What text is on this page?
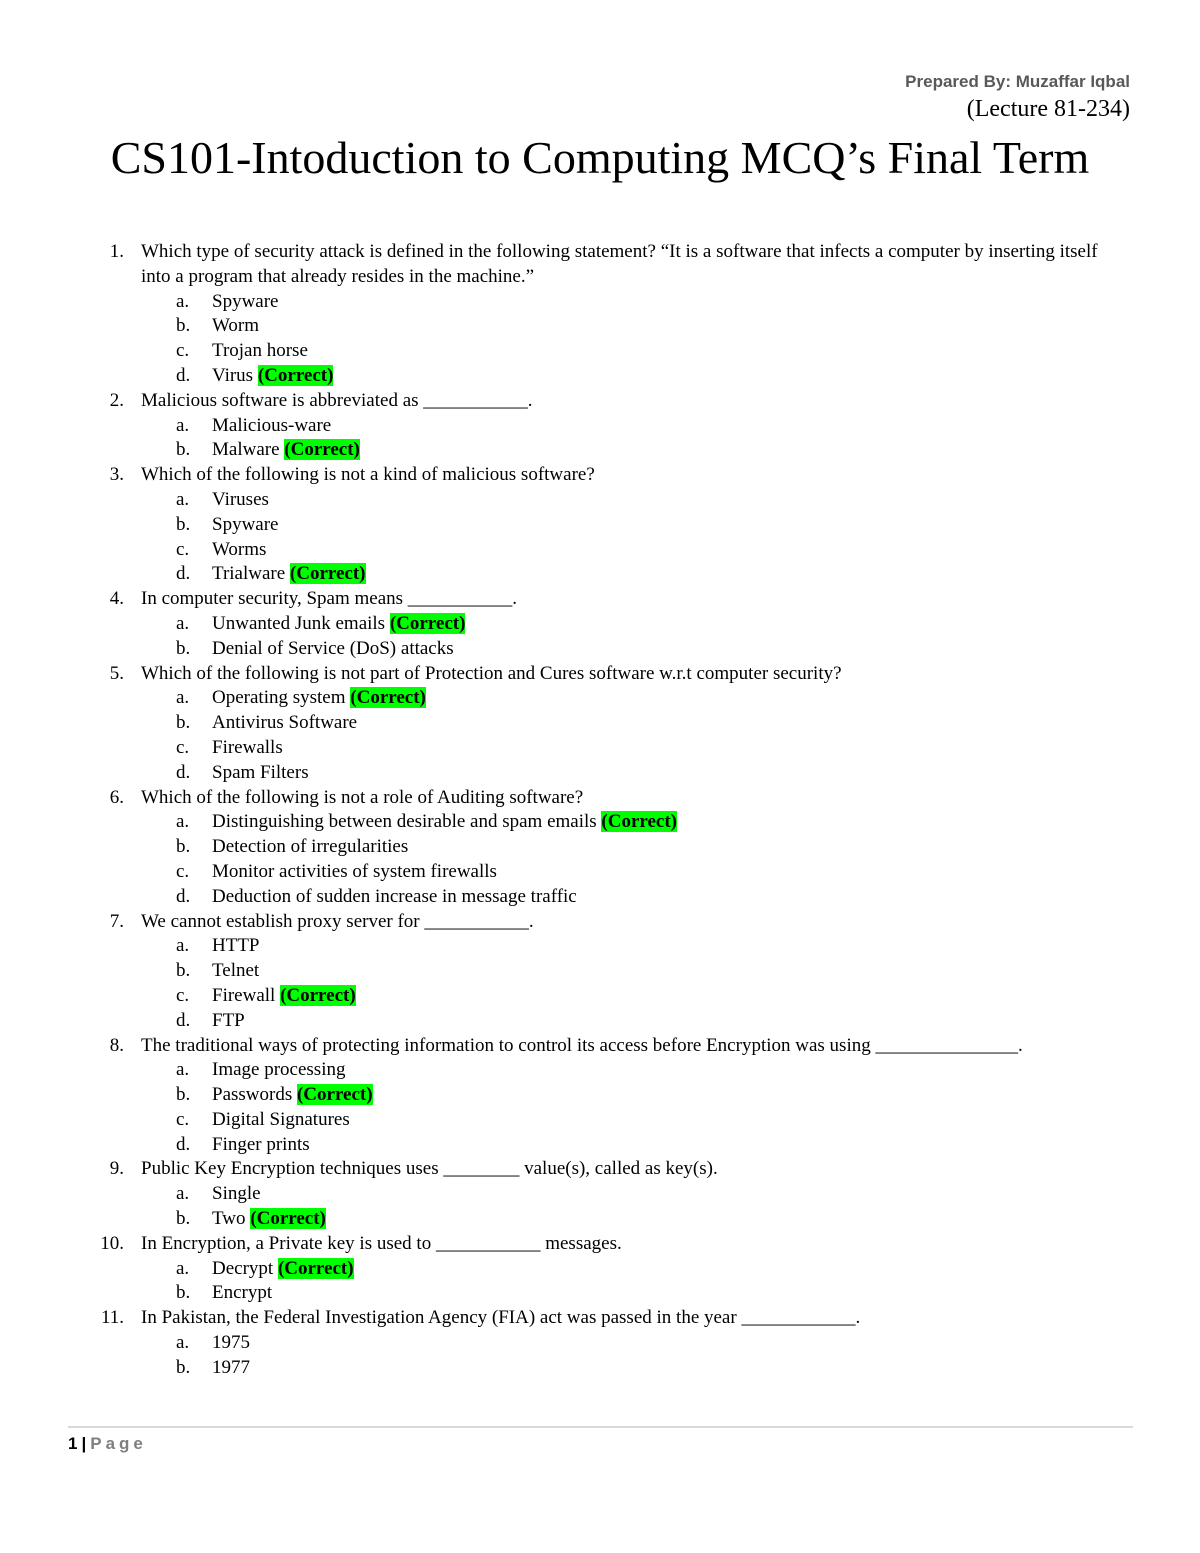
Prepared By: Muzaffar Iqbal
(Lecture 81-234)
CS101-Intoduction to Computing MCQ’s Final Term
1. Which type of security attack is defined in the following statement? “It is a software that infects a computer by inserting itself into a program that already resides in the machine.”
a. Spyware
b. Worm
c. Trojan horse
d. Virus (Correct)
2. Malicious software is abbreviated as ___________.
a. Malicious-ware
b. Malware (Correct)
3. Which of the following is not a kind of malicious software?
a. Viruses
b. Spyware
c. Worms
d. Trialware (Correct)
4. In computer security, Spam means ___________.
a. Unwanted Junk emails (Correct)
b. Denial of Service (DoS) attacks
5. Which of the following is not part of Protection and Cures software w.r.t computer security?
a. Operating system (Correct)
b. Antivirus Software
c. Firewalls
d. Spam Filters
6. Which of the following is not a role of Auditing software?
a. Distinguishing between desirable and spam emails (Correct)
b. Detection of irregularities
c. Monitor activities of system firewalls
d. Deduction of sudden increase in message traffic
7. We cannot establish proxy server for ___________.
a. HTTP
b. Telnet
c. Firewall (Correct)
d. FTP
8. The traditional ways of protecting information to control its access before Encryption was using _______________.
a. Image processing
b. Passwords (Correct)
c. Digital Signatures
d. Finger prints
9. Public Key Encryption techniques uses ________ value(s), called as key(s).
a. Single
b. Two (Correct)
10. In Encryption, a Private key is used to ___________ messages.
a. Decrypt (Correct)
b. Encrypt
11. In Pakistan, the Federal Investigation Agency (FIA) act was passed in the year ____________.
a. 1975
b. 1977
1 | Page
